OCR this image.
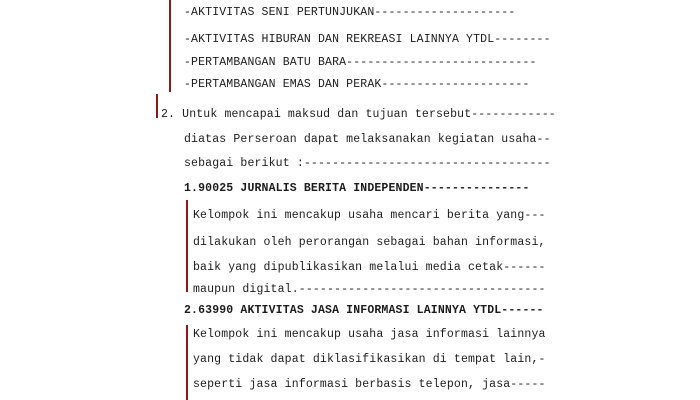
-AKTIVITAS SENI PERTUNJUKAN--------------------
-AKTIVITAS HIBURAN DAN REKREASI LAINNYA YTDL--------
-PERTAMBANGAN BATU BARA---------------------------
-PERTAMBANGAN EMAS DAN PERAK---------------------
2. Untuk mencapai maksud dan tujuan tersebut------------
diatas Perseroan dapat melaksanakan kegiatan usaha--
sebagai berikut :-----------------------------------
1.90025 JURNALIS BERITA INDEPENDEN---------------
Kelompok ini mencakup usaha mencari berita yang---
dilakukan oleh perorangan sebagai bahan informasi,
baik yang dipublikasikan melalui media cetak------
maupun digital.-----------------------------------
2.63990 AKTIVITAS JASA INFORMASI LAINNYA YTDL------
Kelompok ini mencakup usaha jasa informasi lainnya
yang tidak dapat diklasifikasikan di tempat lain,-
seperti jasa informasi berbasis telepon, jasa-----
